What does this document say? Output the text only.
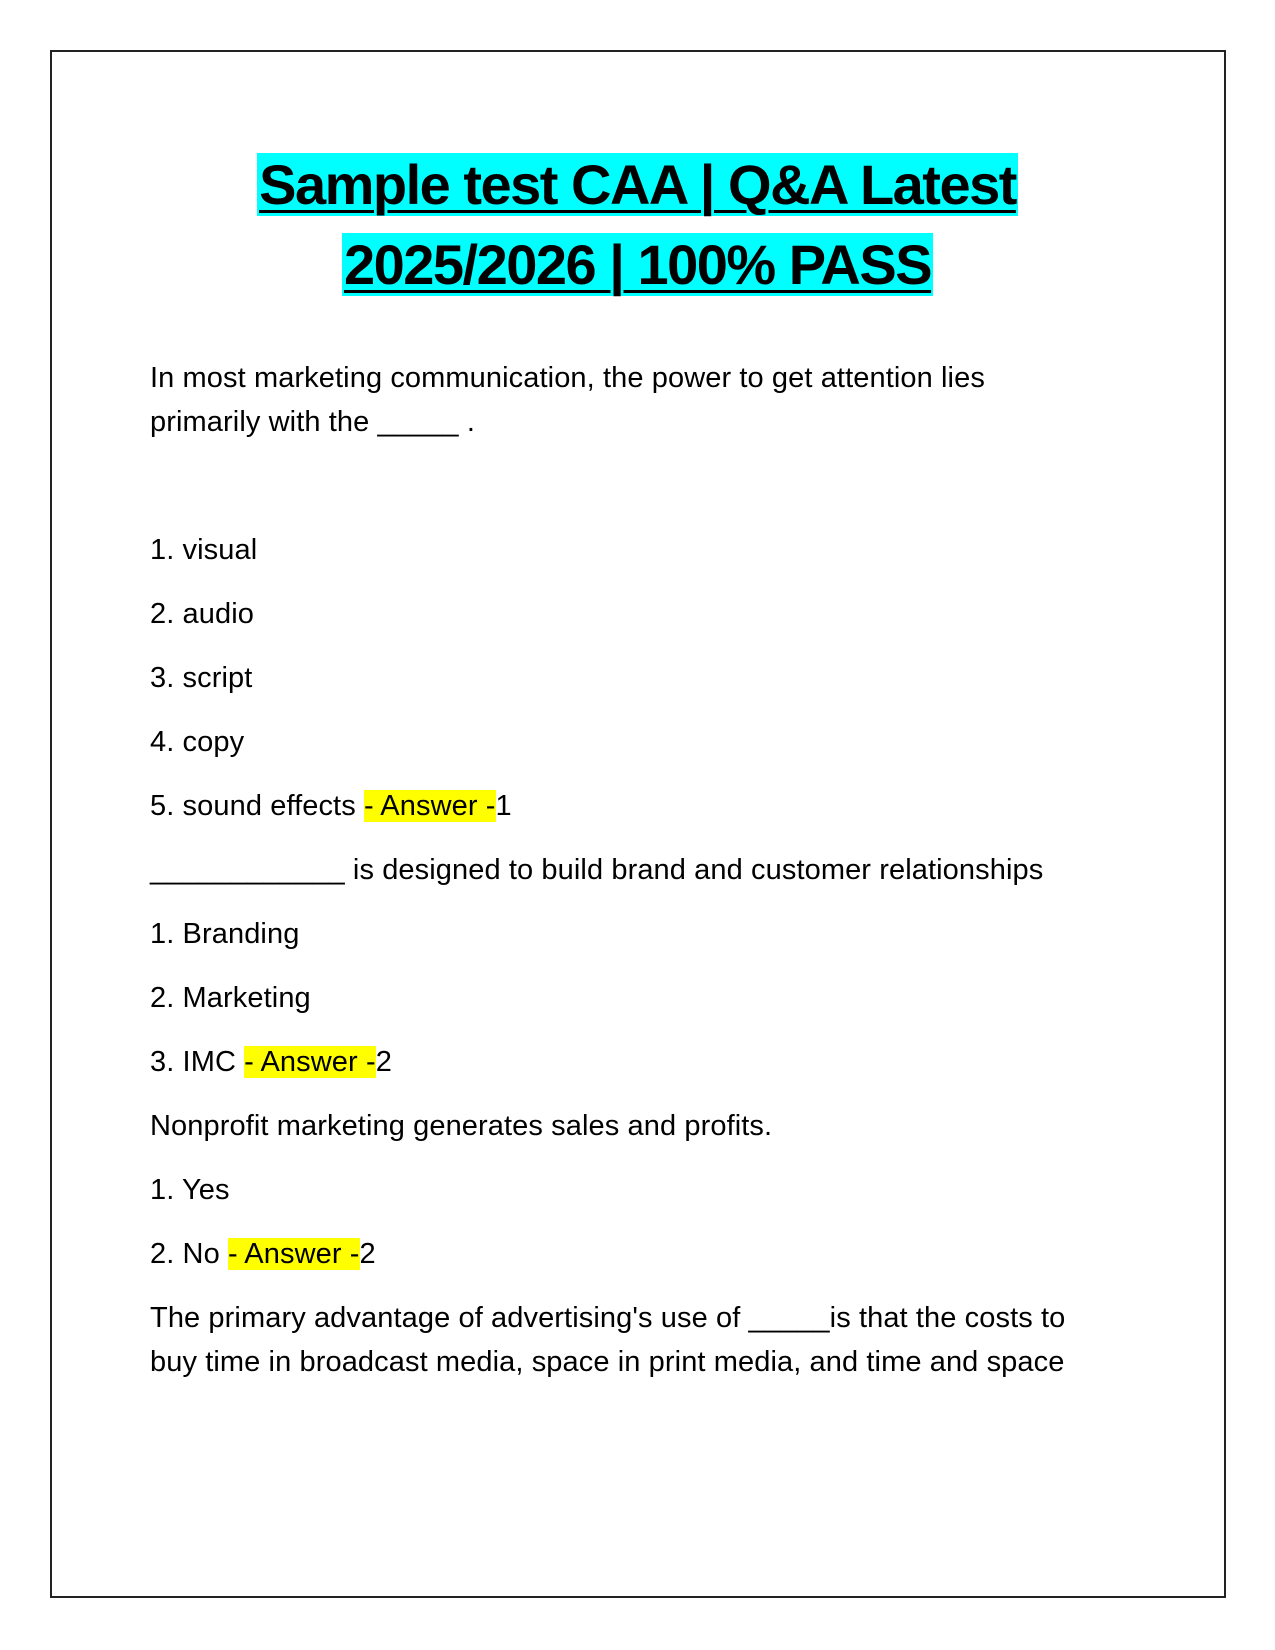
Sample test CAA | Q&A Latest
2025/2026 | 100% PASS
In most marketing communication, the power to get attention lies
primarily with the _____ .
1. visual
2. audio
3. script
4. copy
5. sound effects - Answer -1
____________ is designed to build brand and customer relationships
1. Branding
2. Marketing
3. IMC - Answer -2
Nonprofit marketing generates sales and profits.
1. Yes
2. No - Answer -2
The primary advantage of advertising's use of _____is that the costs to
buy time in broadcast media, space in print media, and time and space
